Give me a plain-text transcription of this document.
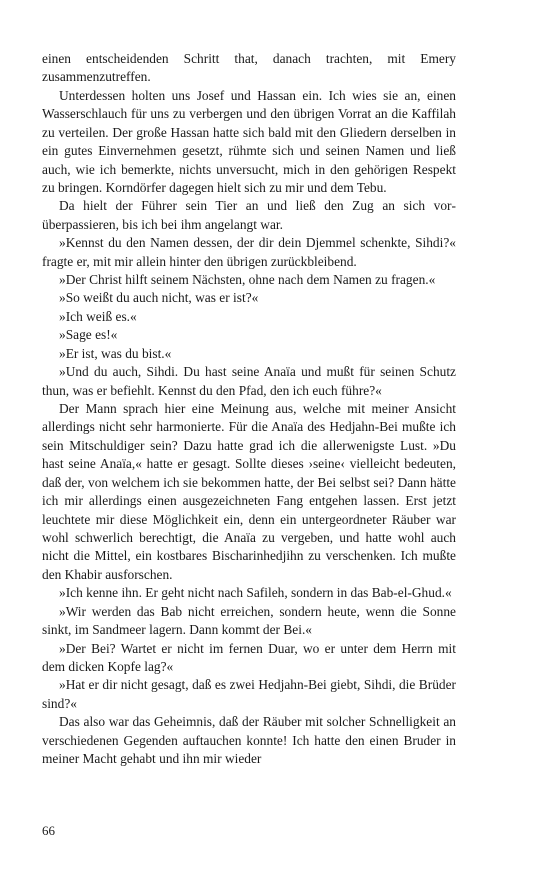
einen entscheidenden Schritt that, danach trachten, mit Emery zusammenzutreffen.

Unterdessen holten uns Josef und Hassan ein. Ich wies sie an, einen Wasserschlauch für uns zu verbergen und den übrigen Vorrat an die Kaffilah zu verteilen. Der große Hassan hatte sich bald mit den Gliedern derselben in ein gutes Einvernehmen gesetzt, rühmte sich und seinen Namen und ließ auch, wie ich bemerkte, nichts unversucht, mich in den gehörigen Respekt zu bringen. Korndörfer dagegen hielt sich zu mir und dem Tebu.

Da hielt der Führer sein Tier an und ließ den Zug an sich vorüberpassieren, bis ich bei ihm angelangt war.

»Kennst du den Namen dessen, der dir dein Djemmel schenkte, Sihdi?« fragte er, mit mir allein hinter den übrigen zurückbleibend.

»Der Christ hilft seinem Nächsten, ohne nach dem Namen zu fragen.«

»So weißt du auch nicht, was er ist?«

»Ich weiß es.«

»Sage es!«

»Er ist, was du bist.«

»Und du auch, Sihdi. Du hast seine Anaïa und mußt für seinen Schutz thun, was er befiehlt. Kennst du den Pfad, den ich euch führe?«

Der Mann sprach hier eine Meinung aus, welche mit meiner Ansicht allerdings nicht sehr harmonierte. Für die Anaïa des Hedjahn-Bei mußte ich sein Mitschuldiger sein? Dazu hatte grad ich die allerwenigste Lust. »Du hast seine Anaïa,« hatte er gesagt. Sollte dieses ›seine‹ vielleicht bedeuten, daß der, von welchem ich sie bekommen hatte, der Bei selbst sei? Dann hätte ich mir allerdings einen ausgezeichneten Fang entgehen lassen. Erst jetzt leuchtete mir diese Möglichkeit ein, denn ein untergeordneter Räuber war wohl schwerlich berechtigt, die Anaïa zu vergeben, und hatte wohl auch nicht die Mittel, ein kostbares Bischarinhedjihn zu verschenken. Ich mußte den Khabir ausforschen.

»Ich kenne ihn. Er geht nicht nach Safileh, sondern in das Bab-el-Ghud.«

»Wir werden das Bab nicht erreichen, sondern heute, wenn die Sonne sinkt, im Sandmeer lagern. Dann kommt der Bei.«

»Der Bei? Wartet er nicht im fernen Duar, wo er unter dem Herrn mit dem dicken Kopfe lag?«

»Hat er dir nicht gesagt, daß es zwei Hedjahn-Bei giebt, Sihdi, die Brüder sind?«

Das also war das Geheimnis, daß der Räuber mit solcher Schnelligkeit an verschiedenen Gegenden auftauchen konnte! Ich hatte den einen Bruder in meiner Macht gehabt und ihn mir wieder

66
